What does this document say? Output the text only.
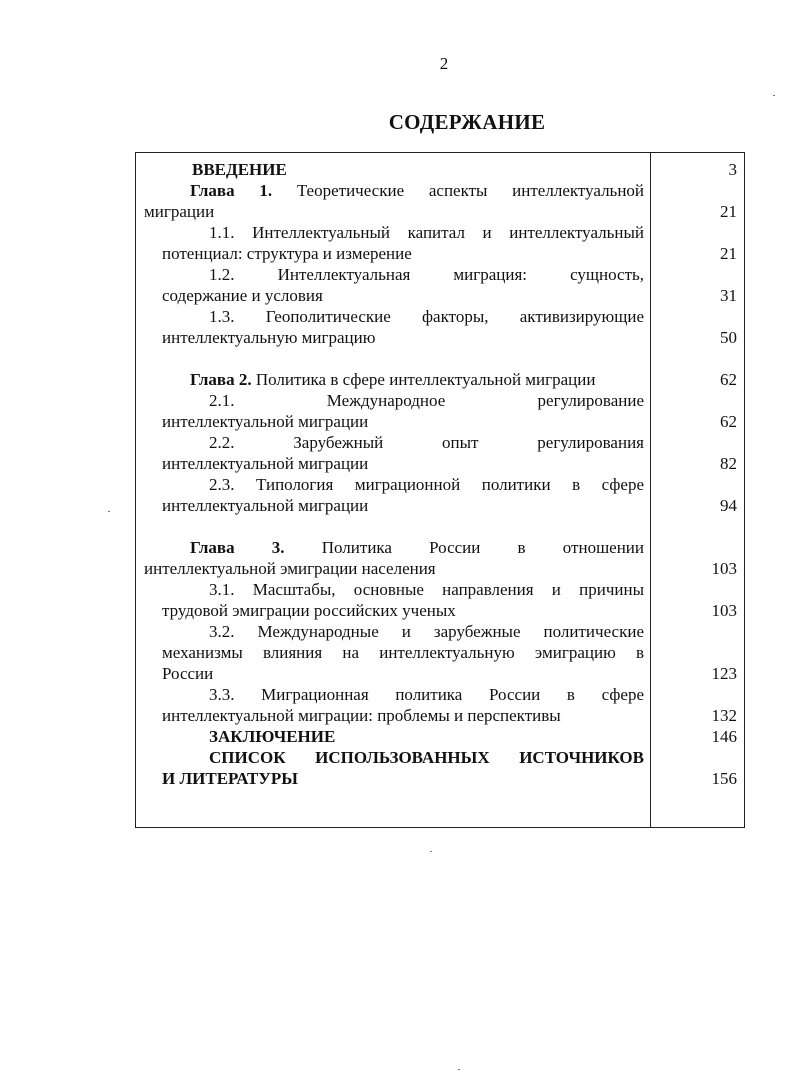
2
СОДЕРЖАНИЕ
ВВЕДЕНИЕ	3
Глава 1. Теоретические аспекты интеллектуальной
миграции	21
1.1. Интеллектуальный капитал и интеллектуальный
потенциал: структура и измерение	21
1.2. Интеллектуальная миграция: сущность,
содержание и условия	31
1.3. Геополитические факторы, активизирующие
интеллектуальную миграцию	50
Глава 2. Политика в сфере интеллектуальной миграции	62
2.1. Международное регулирование
интеллектуальной миграции	62
2.2. Зарубежный опыт регулирования
интеллектуальной миграции	82
2.3. Типология миграционной политики в сфере
интеллектуальной миграции	94
Глава 3. Политика России в отношении
интеллектуальной эмиграции населения	103
3.1. Масштабы, основные направления и причины
трудовой эмиграции российских ученых	103
3.2. Международные и зарубежные политические
механизмы влияния на интеллектуальную эмиграцию в
России	123
3.3. Миграционная политика России в сфере
интеллектуальной миграции: проблемы и перспективы	132
ЗАКЛЮЧЕНИЕ	146
СПИСОК ИСПОЛЬЗОВАННЫХ ИСТОЧНИКОВ
И ЛИТЕРАТУРЫ	156
